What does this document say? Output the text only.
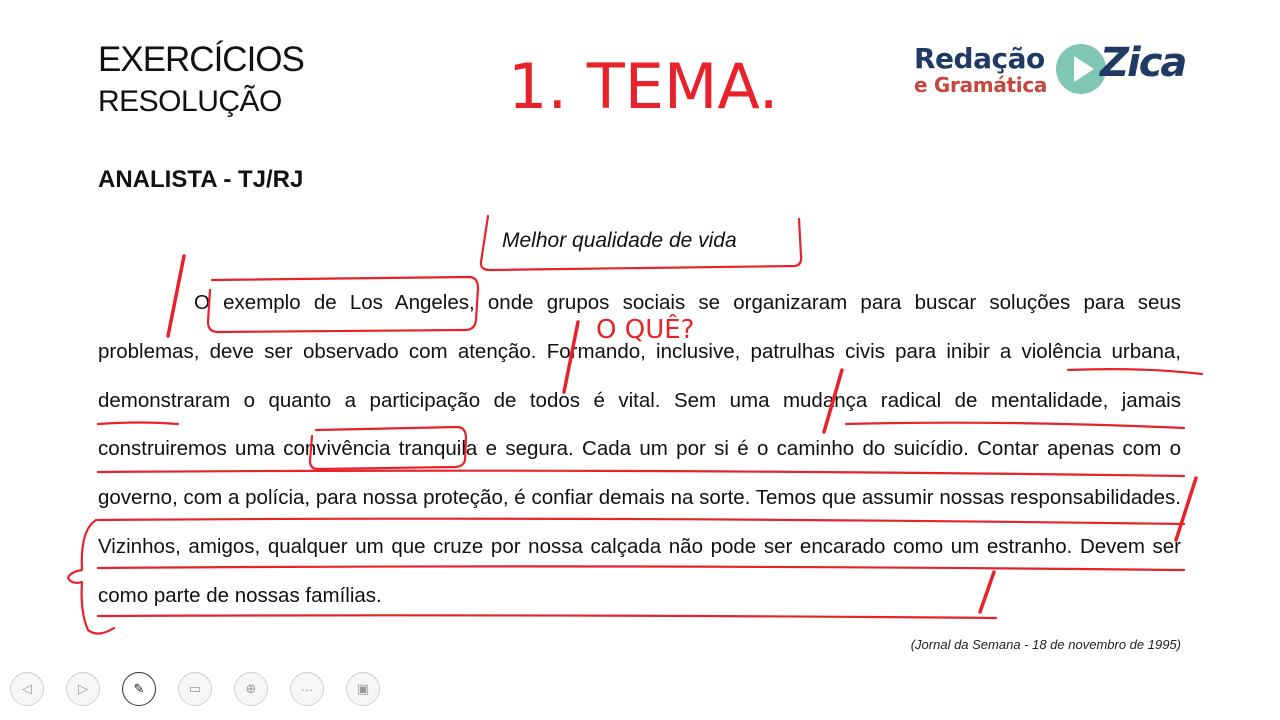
EXERCÍCIOS
RESOLUÇÃO
ANALISTA - TJ/RJ
Redação
e Gramática Zica
Melhor qualidade de vida
O exemplo de Los Angeles, onde grupos sociais se organizaram para buscar soluções para seus problemas, deve ser observado com atenção. Formando, inclusive, patrulhas civis para inibir a violência urbana, demonstraram o quanto a participação de todos é vital. Sem uma mudança radical de mentalidade, jamais construiremos uma convivência tranquila e segura. Cada um por si é o caminho do suicídio. Contar apenas com o governo, com a polícia, para nossa proteção, é confiar demais na sorte. Temos que assumir nossas responsabilidades. Vizinhos, amigos, qualquer um que cruze por nossa calçada não pode ser encarado como um estranho. Devem ser como parte de nossas famílias.
(Jornal da Semana - 18 de novembro de 1995)
1. TEMA.
O QUÊ?
◁	▷	✎	▭	⊕	···	▣
